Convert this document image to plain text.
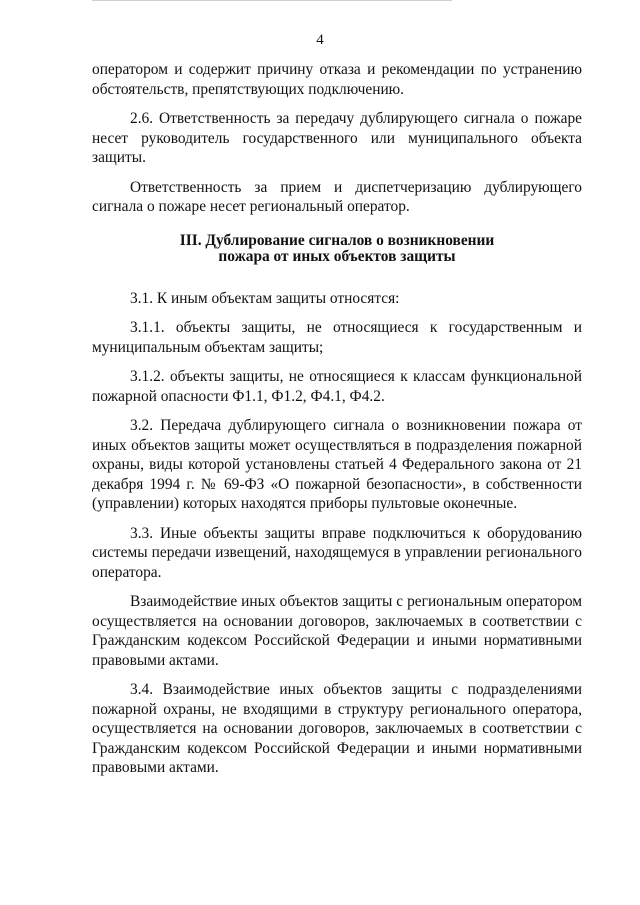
4

оператором и содержит причину отказа и рекомендации по устранению обстоятельств, препятствующих подключению.

2.6. Ответственность за передачу дублирующего сигнала о пожаре несет руководитель государственного или муниципального объекта защиты.

Ответственность за прием и диспетчеризацию дублирующего сигнала о пожаре несет региональный оператор.

III. Дублирование сигналов о возникновении
пожара от иных объектов защиты

3.1. К иным объектам защиты относятся:

3.1.1. объекты защиты, не относящиеся к государственным и муниципальным объектам защиты;

3.1.2. объекты защиты, не относящиеся к классам функциональной пожарной опасности Ф1.1, Ф1.2, Ф4.1, Ф4.2.

3.2. Передача дублирующего сигнала о возникновении пожара от иных объектов защиты может осуществляться в подразделения пожарной охраны, виды которой установлены статьей 4 Федерального закона от 21 декабря 1994 г. № 69-ФЗ «О пожарной безопасности», в собственности (управлении) которых находятся приборы пультовые оконечные.

3.3. Иные объекты защиты вправе подключиться к оборудованию системы передачи извещений, находящемуся в управлении регионального оператора.

Взаимодействие иных объектов защиты с региональным оператором осуществляется на основании договоров, заключаемых в соответствии с Гражданским кодексом Российской Федерации и иными нормативными правовыми актами.

3.4. Взаимодействие иных объектов защиты с подразделениями пожарной охраны, не входящими в структуру регионального оператора, осуществляется на основании договоров, заключаемых в соответствии с Гражданским кодексом Российской Федерации и иными нормативными правовыми актами.
